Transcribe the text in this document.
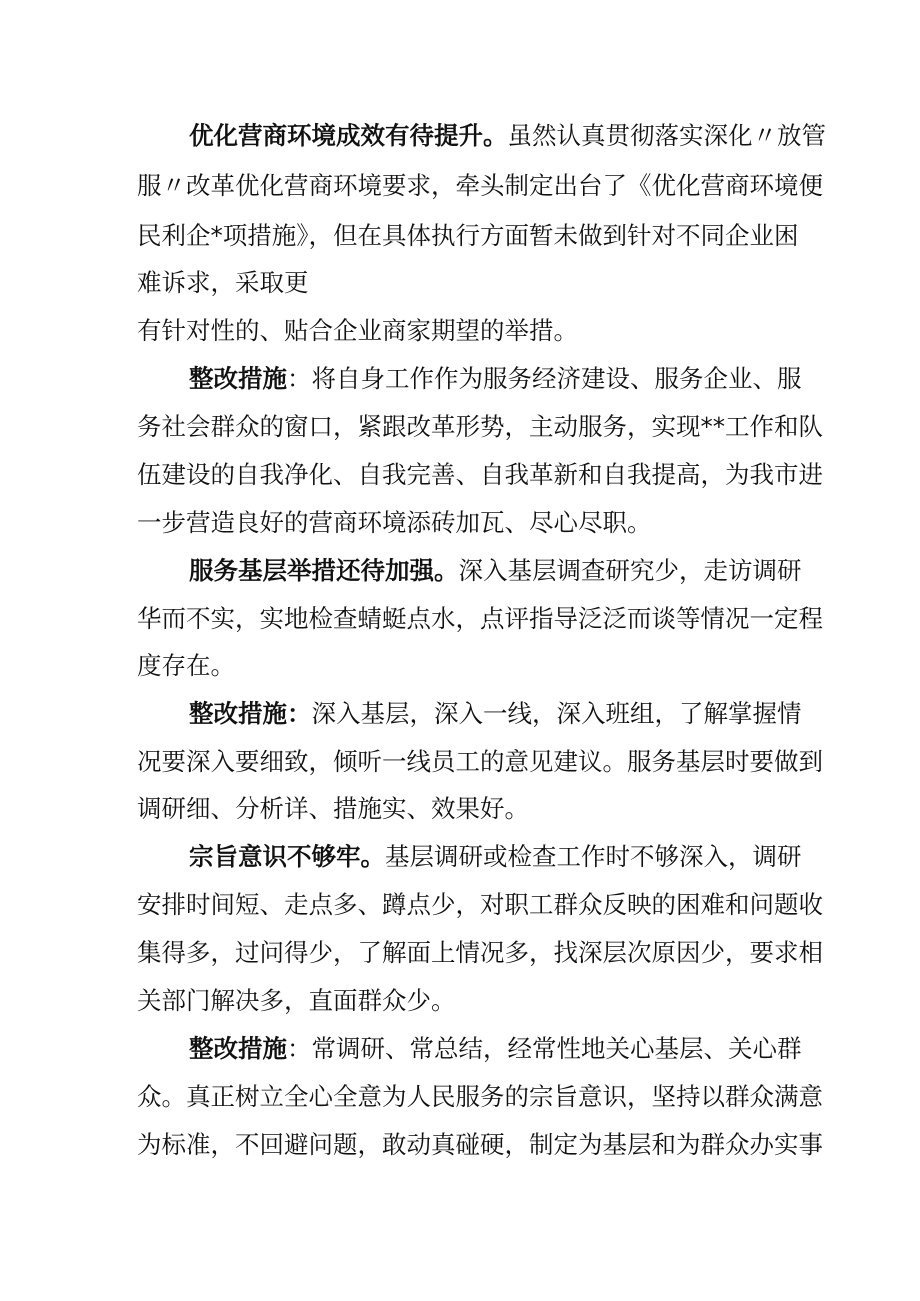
优化营商环境成效有待提升。虽然认真贯彻落实深化〃放管
服〃改革优化营商环境要求，牵头制定出台了《优化营商环境便
民利企*项措施》，但在具体执行方面暂未做到针对不同企业困
难诉求，采取更
有针对性的、贴合企业商家期望的举措。
整改措施：将自身工作作为服务经济建设、服务企业、服
务社会群众的窗口，紧跟改革形势，主动服务，实现**工作和队
伍建设的自我净化、自我完善、自我革新和自我提高，为我市进
一步营造良好的营商环境添砖加瓦、尽心尽职。
服务基层举措还待加强。深入基层调查研究少，走访调研
华而不实，实地检查蜻蜓点水，点评指导泛泛而谈等情况一定程
度存在。
整改措施：深入基层，深入一线，深入班组，了解掌握情
况要深入要细致，倾听一线员工的意见建议。服务基层时要做到
调研细、分析详、措施实、效果好。
宗旨意识不够牢。基层调研或检查工作时不够深入，调研
安排时间短、走点多、蹲点少，对职工群众反映的困难和问题收
集得多，过问得少，了解面上情况多，找深层次原因少，要求相
关部门解决多，直面群众少。
整改措施：常调研、常总结，经常性地关心基层、关心群
众。真正树立全心全意为人民服务的宗旨意识，坚持以群众满意
为标准，不回避问题，敢动真碰硬，制定为基层和为群众办实事
